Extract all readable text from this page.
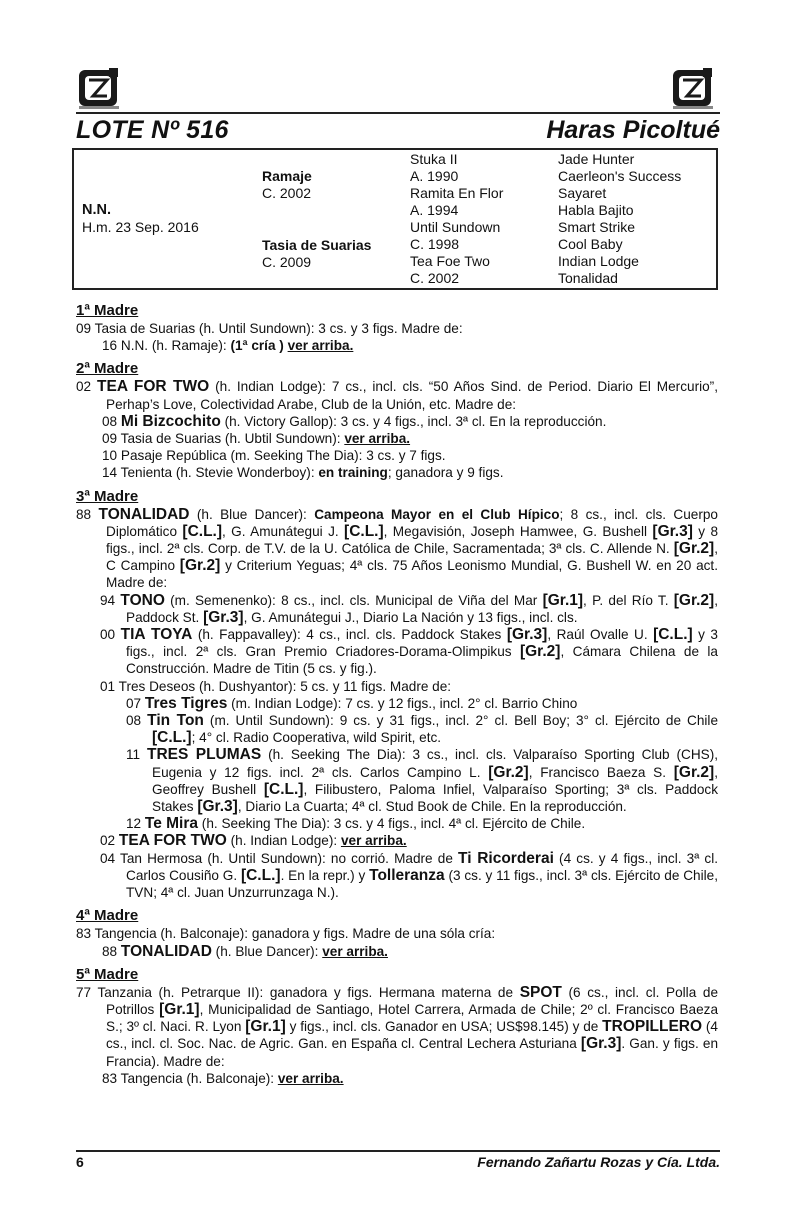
LOTE Nº 516	Haras Picoltué
N.N.
H.m. 23 Sep. 2016
Ramaje
C. 2002
Tasia de Suarias
C. 2009
Stuka II
A. 1990
Ramita En Flor
A. 1994
Until Sundown
C. 1998
Tea Foe Two
C. 2002
Jade Hunter
Caerleon's Success
Sayaret
Habla Bajito
Smart Strike
Cool Baby
Indian Lodge
Tonalidad
1ª Madre
09 Tasia de Suarias (h. Until Sundown): 3 cs. y 3 figs. Madre de:
16 N.N. (h. Ramaje): (1ª cría ) ver arriba.
2ª Madre
02 TEA FOR TWO (h. Indian Lodge): 7 cs., incl. cls. “50 Años Sind. de Period. Diario El Mercurio”, Perhap’s Love, Colectividad Arabe, Club de la Unión, etc. Madre de:
08 Mi Bizcochito (h. Victory Gallop): 3 cs. y 4 figs., incl. 3ª cl. En la reproducción.
09 Tasia de Suarias (h. Ubtil Sundown): ver arriba.
10 Pasaje República (m. Seeking The Dia): 3 cs. y 7 figs.
14 Tenienta (h. Stevie Wonderboy): en training; ganadora y 9 figs.
3ª Madre
88 TONALIDAD (h. Blue Dancer): Campeona Mayor en el Club Hípico; 8 cs., incl. cls. Cuerpo Diplomático [C.L.], G. Amunátegui J. [C.L.], Megavisión, Joseph Hamwee, G. Bushell [Gr.3] y 8 figs., incl. 2ª cls. Corp. de T.V. de la U. Católica de Chile, Sacramentada; 3ª cls. C. Allende N. [Gr.2], C Campino [Gr.2] y Criterium Yeguas; 4ª cls. 75 Años Leonismo Mundial, G. Bushell W. en 20 act. Madre de:
94 TONO (m. Semenenko): 8 cs., incl. cls. Municipal de Viña del Mar [Gr.1], P. del Río T. [Gr.2], Paddock St. [Gr.3], G. Amunátegui J., Diario La Nación y 13 figs., incl. cls.
00 TIA TOYA (h. Fappavalley): 4 cs., incl. cls. Paddock Stakes [Gr.3], Raúl Ovalle U. [C.L.] y 3 figs., incl. 2ª cls. Gran Premio Criadores-Dorama-Olimpikus [Gr.2], Cámara Chilena de la Construcción. Madre de Titin (5 cs. y fig.).
01 Tres Deseos (h. Dushyantor): 5 cs. y 11 figs. Madre de:
07 Tres Tigres (m. Indian Lodge): 7 cs. y 12 figs., incl. 2° cl. Barrio Chino
08 Tin Ton (m. Until Sundown): 9 cs. y 31 figs., incl. 2° cl. Bell Boy; 3° cl. Ejército de Chile [C.L.]; 4° cl. Radio Cooperativa, wild Spirit, etc.
11 TRES PLUMAS (h. Seeking The Dia): 3 cs., incl. cls. Valparaíso Sporting Club (CHS), Eugenia y 12 figs. incl. 2ª cls. Carlos Campino L. [Gr.2], Francisco Baeza S. [Gr.2], Geoffrey Bushell [C.L.], Filibustero, Paloma Infiel, Valparaíso Sporting; 3ª cls. Paddock Stakes [Gr.3], Diario La Cuarta; 4ª cl. Stud Book de Chile. En la reproducción.
12 Te Mira (h. Seeking The Dia): 3 cs. y 4 figs., incl. 4ª cl. Ejército de Chile.
02 TEA FOR TWO (h. Indian Lodge): ver arriba.
04 Tan Hermosa (h. Until Sundown): no corrió. Madre de Ti Ricorderai (4 cs. y 4 figs., incl. 3ª cl. Carlos Cousiño G. [C.L.]. En la repr.) y Tolleranza (3 cs. y 11 figs., incl. 3ª cls. Ejército de Chile, TVN; 4ª cl. Juan Unzurrunzaga N.).
4ª Madre
83 Tangencia (h. Balconaje): ganadora y figs. Madre de una sóla cría:
88 TONALIDAD (h. Blue Dancer): ver arriba.
5ª Madre
77 Tanzania (h. Petrarque II): ganadora y figs. Hermana materna de SPOT (6 cs., incl. cl. Polla de Potrillos [Gr.1], Municipalidad de Santiago, Hotel Carrera, Armada de Chile; 2º cl. Francisco Baeza S.; 3º cl. Naci. R. Lyon [Gr.1] y figs., incl. cls. Ganador en USA; US$98.145) y de TROPILLERO (4 cs., incl. cl. Soc. Nac. de Agric. Gan. en España cl. Central Lechera Asturiana [Gr.3]. Gan. y figs. en Francia). Madre de:
83 Tangencia (h. Balconaje): ver arriba.
6	Fernando Zañartu Rozas y Cía. Ltda.
